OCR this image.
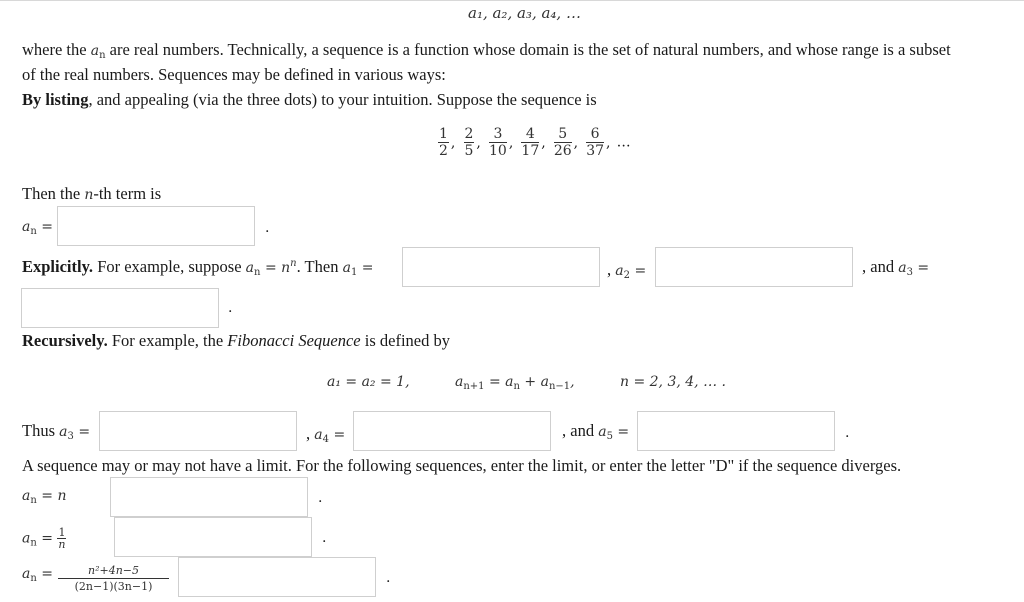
a₁, a₂, a₃, a₄, …
where the $a_n$ are real numbers. Technically, a sequence is a function whose domain is the set of natural numbers, and whose range is a subset
of the real numbers. Sequences may be defined in various ways:
By listing, and appealing (via the three dots) to your intuition. Suppose the sequence is
$\frac{1}{2}$ , $\frac{2}{5}$ , $\frac{3}{10}$ , $\frac{4}{17}$ , $\frac{5}{26}$ , $\frac{6}{37}$ , …
Then the n-th term is
$a_n$ =	.
Explicitly. For example, suppose $a_n = n^n$. Then $a_1$ =	, $a_2$ =	, and $a_3$ =
.
Recursively. For example, the Fibonacci Sequence is defined by
a₁ = a₂ = 1,	$a_{n+1} = a_n + a_{n-1}$,	n = 2, 3, 4, … .
Thus $a_3$ =	, $a_4$ =	, and $a_5$ =	.
A sequence may or may not have a limit. For the following sequences, enter the limit, or enter the letter "D" if the sequence diverges.
$a_n = n$	.
$a_n = \frac{1}{n}$	.
$a_n = \frac{\text{n²+4n−5}}{(2n-1)(3n-1)}$	.
